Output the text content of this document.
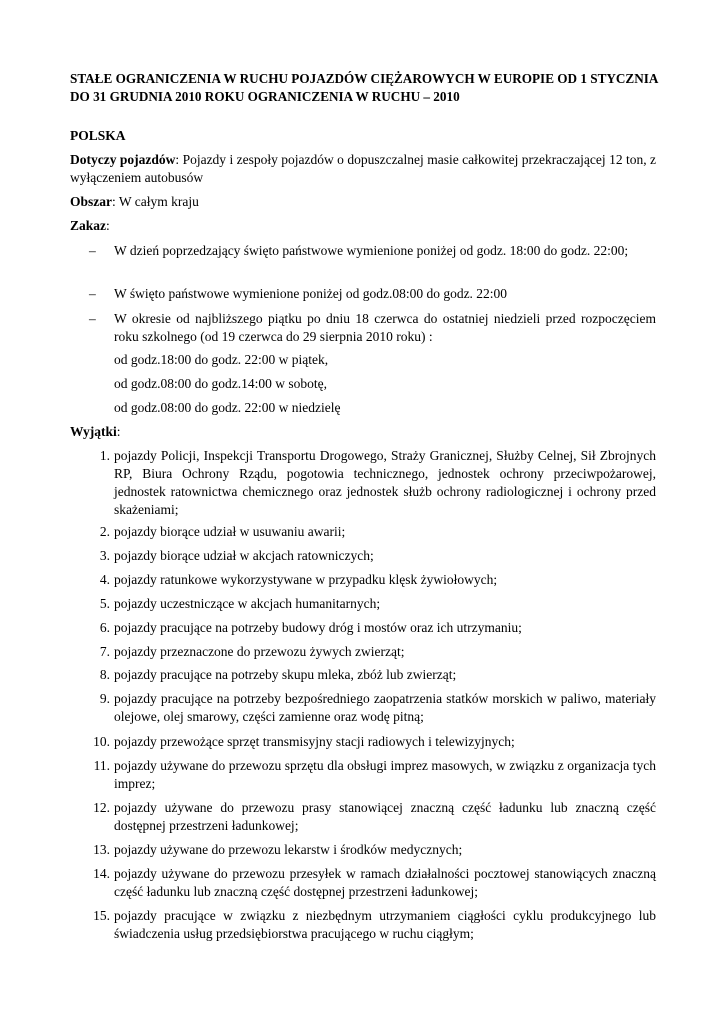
STAŁE OGRANICZENIA W RUCHU POJAZDÓW CIĘŻAROWYCH W EUROPIE OD 1 STYCZNIA DO 31 GRUDNIA 2010 ROKU OGRANICZENIA W RUCHU – 2010
POLSKA
Dotyczy pojazdów: Pojazdy i zespoły pojazdów o dopuszczalnej masie całkowitej przekraczającej 12 ton, z wyłączeniem autobusów
Obszar: W całym kraju
Zakaz:
– W dzień poprzedzający święto państwowe wymienione poniżej od godz. 18:00 do godz. 22:00;
– W święto państwowe wymienione poniżej od godz.08:00 do godz. 22:00
– W okresie od najbliższego piątku po dniu 18 czerwca do ostatniej niedzieli przed rozpoczęciem roku szkolnego (od 19 czerwca do 29 sierpnia 2010 roku) :
od godz.18:00 do godz. 22:00 w piątek,
od godz.08:00 do godz.14:00 w sobotę,
od godz.08:00 do godz. 22:00 w niedzielę
Wyjątki:
1. pojazdy Policji, Inspekcji Transportu Drogowego, Straży Granicznej, Służby Celnej, Sił Zbrojnych RP, Biura Ochrony Rządu, pogotowia technicznego, jednostek ochrony przeciwpożarowej, jednostek ratownictwa chemicznego oraz jednostek służb ochrony radiologicznej i ochrony przed skażeniami;
2. pojazdy biorące udział w usuwaniu awarii;
3. pojazdy biorące udział w akcjach ratowniczych;
4. pojazdy ratunkowe wykorzystywane w przypadku klęsk żywiołowych;
5. pojazdy uczestniczące w akcjach humanitarnych;
6. pojazdy pracujące na potrzeby budowy dróg i mostów oraz ich utrzymaniu;
7. pojazdy przeznaczone do przewozu żywych zwierząt;
8. pojazdy pracujące na potrzeby skupu mleka, zbóż lub zwierząt;
9. pojazdy pracujące na potrzeby bezpośredniego zaopatrzenia statków morskich w paliwo, materiały olejowe, olej smarowy, części zamienne oraz wodę pitną;
10. pojazdy przewożące sprzęt transmisyjny stacji radiowych i telewizyjnych;
11. pojazdy używane do przewozu sprzętu dla obsługi imprez masowych, w związku z organizacja tych imprez;
12. pojazdy używane do przewozu prasy stanowiącej znaczną część ładunku lub znaczną część dostępnej przestrzeni ładunkowej;
13. pojazdy używane do przewozu lekarstw i środków medycznych;
14. pojazdy używane do przewozu przesyłek w ramach działalności pocztowej stanowiących znaczną część ładunku lub znaczną część dostępnej przestrzeni ładunkowej;
15. pojazdy pracujące w związku z niezbędnym utrzymaniem ciągłości cyklu produkcyjnego lub świadczenia usług przedsiębiorstwa pracującego w ruchu ciągłym;
